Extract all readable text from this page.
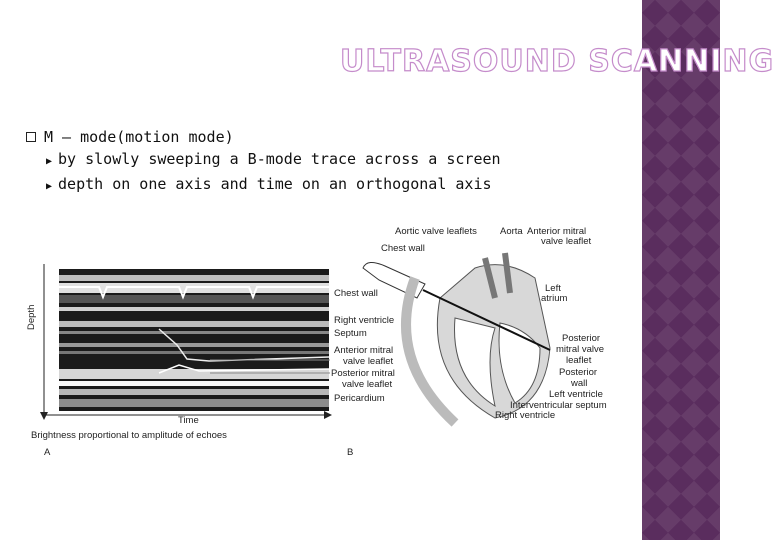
ULTRASOUND SCANNING
M – mode(motion mode)
▶ by slowly sweeping a B-mode trace across a screen
▶ depth on one axis and time on an orthogonal axis
Depth
Time
Brightness proportional to amplitude of echoes
A
Chest wall
Right ventricle
Septum
Anterior mitral
valve leaflet
Posterior mitral
valve leaflet
Pericardium
Aortic valve leaflets Aorta Anterior mitral
valve leaflet
Chest wall
Left
atrium
Posterior
mitral valve
leaflet
Posterior
wall
Left ventricle
Interventricular septum
Right ventricle
B
